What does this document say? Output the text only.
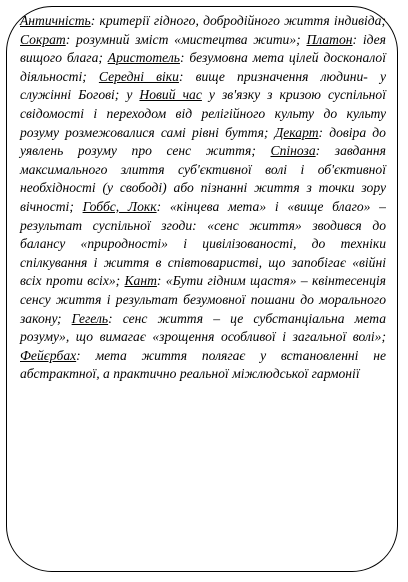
Античність: критерії гідного, добродійного життя індивіда; Сократ: розумний зміст «мистецтва жити»; Платон: ідея вищого блага; Аристотель: безумовна мета цілей досконалої діяльності; Середні віки: вище призначення людини- у служінні Богові; у Новий час у зв'язку з кризою суспільної свідомості і переходом від релігійного культу до культу розуму розмежовалися самі рівні буття; Декарт: довіра до уявлень розуму про сенс життя; Спіноза: завдання максимального злиття суб'єктивної волі і об'єктивної необхідності (у свободі) або пізнанні життя з точки зору вічності; Гоббс, Локк: «кінцева мета» і «вище благо» – результат суспільної згоди: «сенс життя» зводився до балансу «природності» і цивілізованості, до техніки спілкування і життя в співтоваристві, що запобігає «війні всіх проти всіх»; Кант: «Бути гідним щастя» – квінтесенція сенсу життя і результат безумовної пошани до морального закону; Гегель: сенс життя – це субстанціальна мета розуму», що вимагає «зрощення особливої і загальної волі»; Фейєрбах: мета життя полягає у встановленні не абстрактної, а практично реальної міжлюдської гармонії
